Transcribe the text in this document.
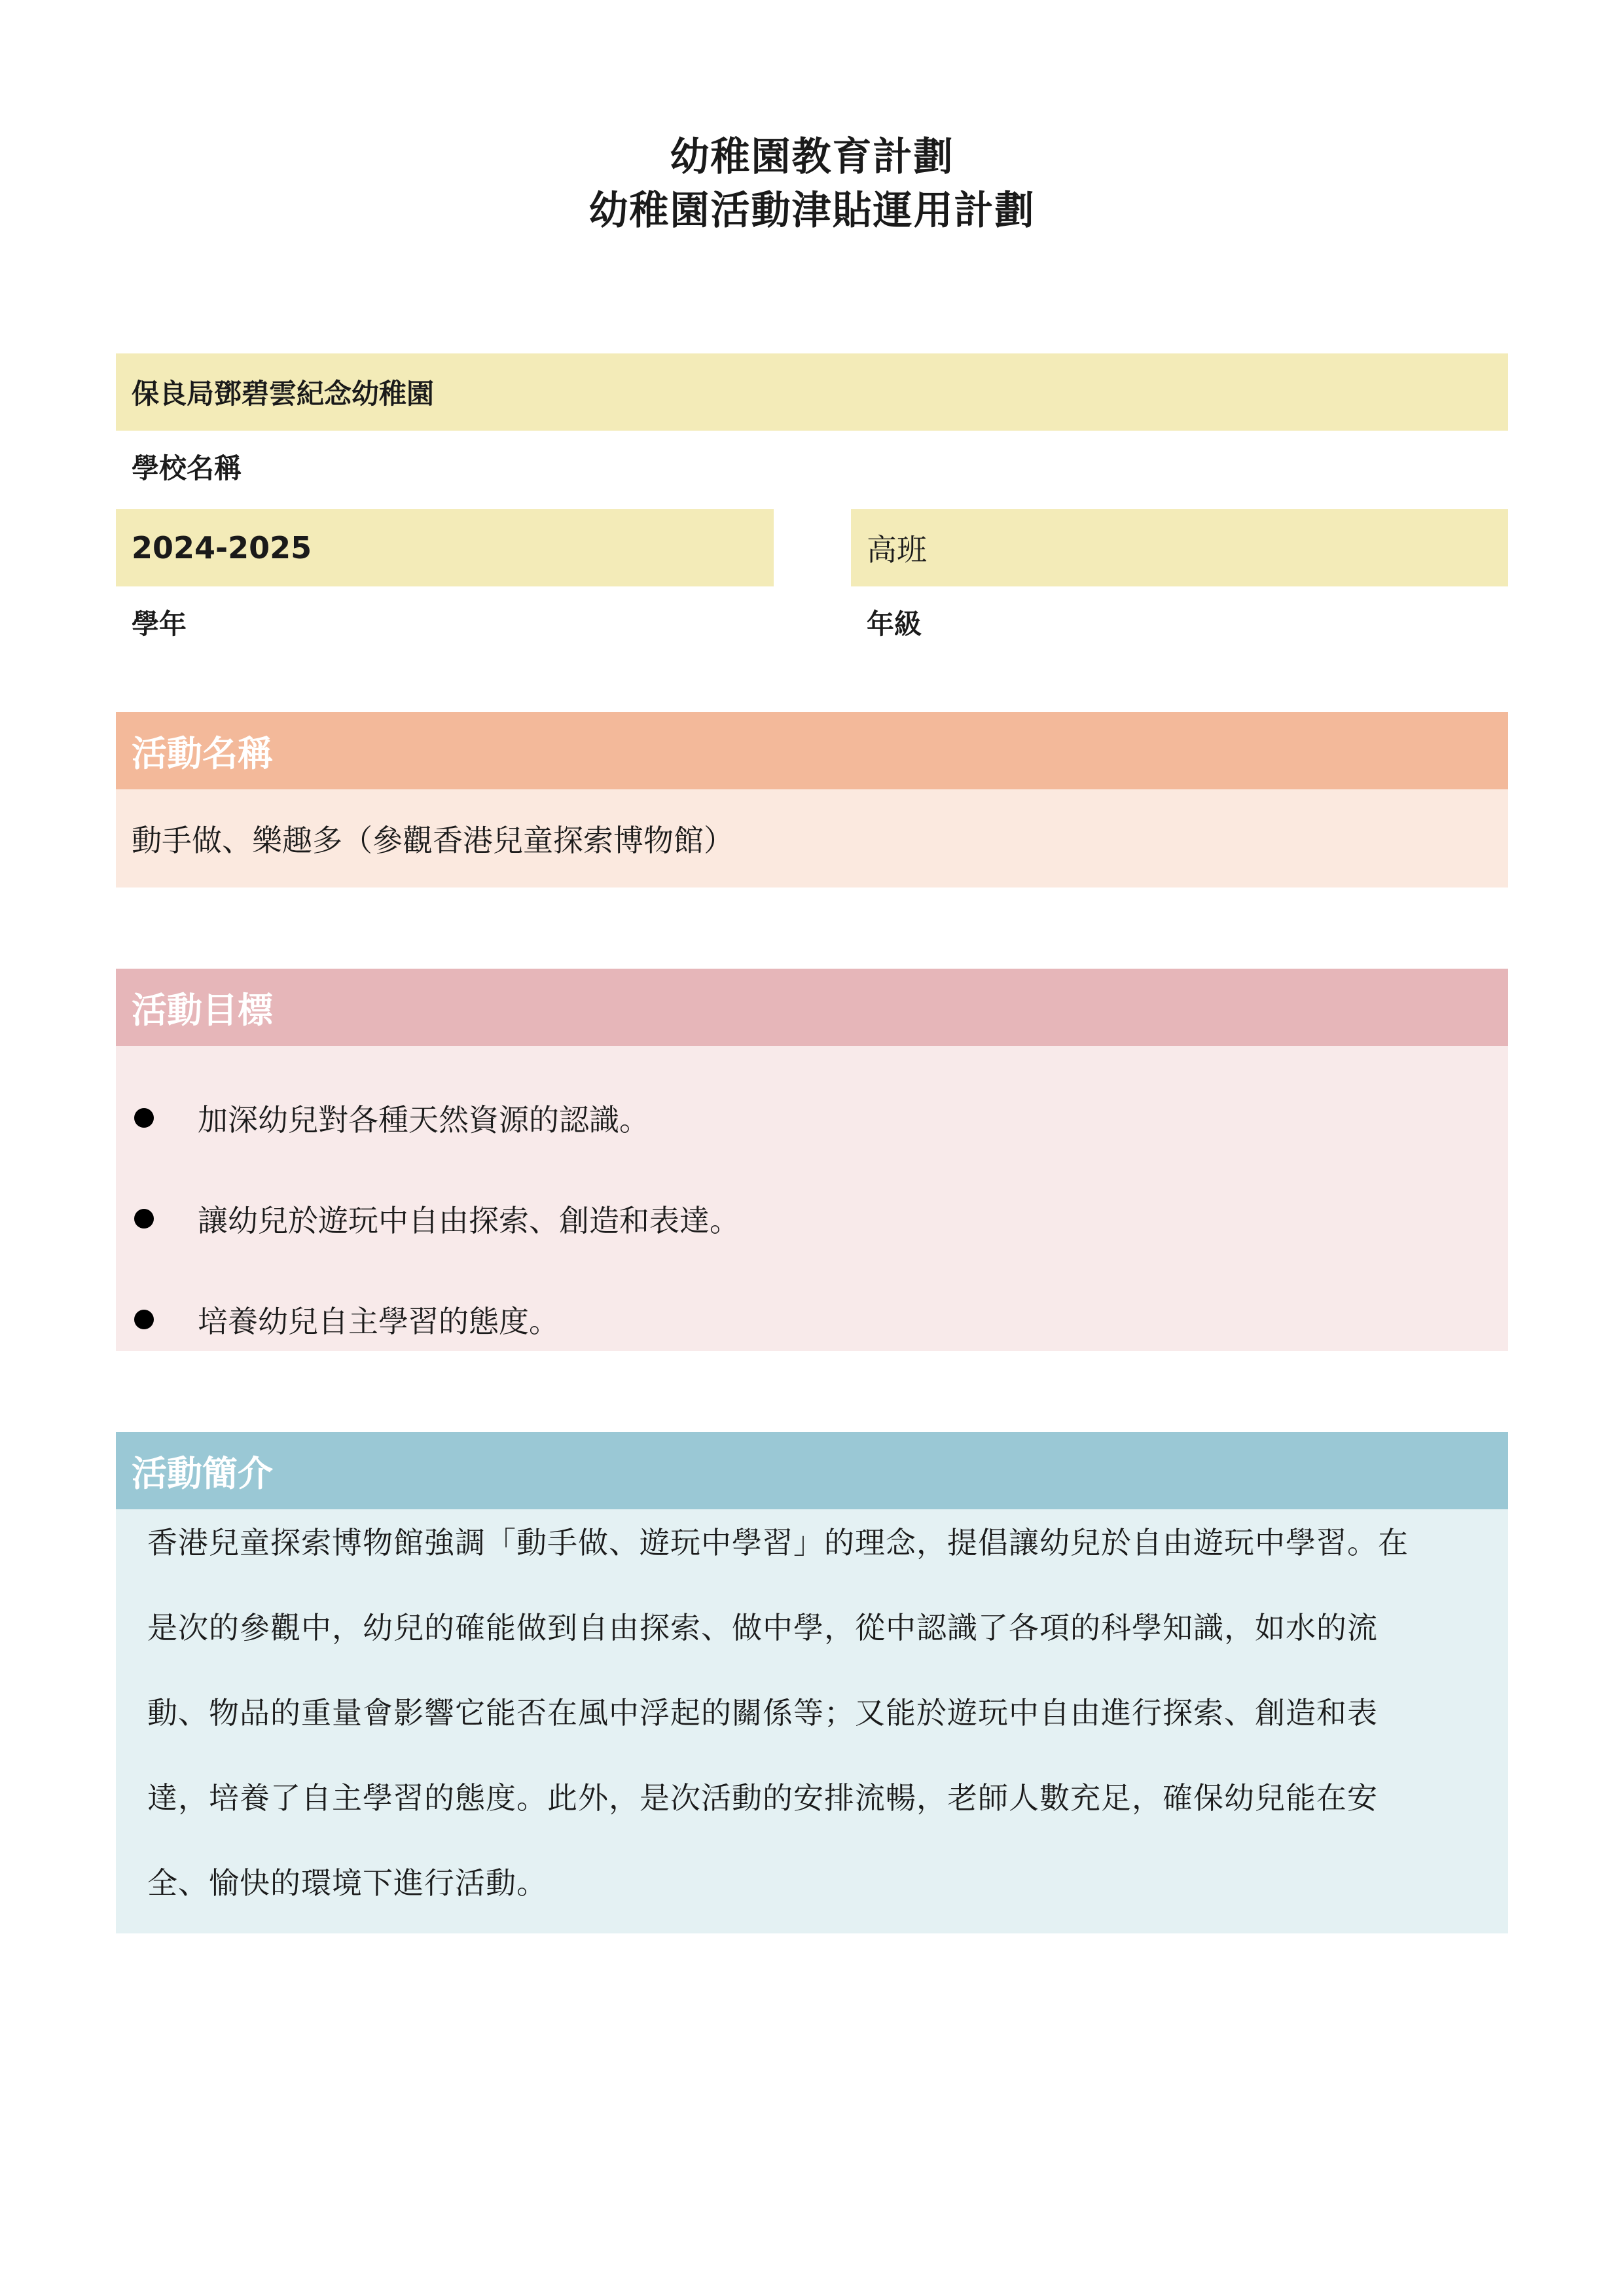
幼稚園教育計劃
幼稚園活動津貼運用計劃
保良局鄧碧雲紀念幼稚園
學校名稱
2024-2025
學年
高班
年級
活動名稱
動手做、樂趣多（參觀香港兒童探索博物館）
活動目標
加深幼兒對各種天然資源的認識。
讓幼兒於遊玩中自由探索、創造和表達。
培養幼兒自主學習的態度。
活動簡介
香港兒童探索博物館強調「動手做、遊玩中學習」的理念，提倡讓幼兒於自由遊玩中學習。在
是次的參觀中，幼兒的確能做到自由探索、做中學，從中認識了各項的科學知識，如水的流
動、物品的重量會影響它能否在風中浮起的關係等；又能於遊玩中自由進行探索、創造和表
達，培養了自主學習的態度。此外，是次活動的安排流暢，老師人數充足，確保幼兒能在安
全、愉快的環境下進行活動。
